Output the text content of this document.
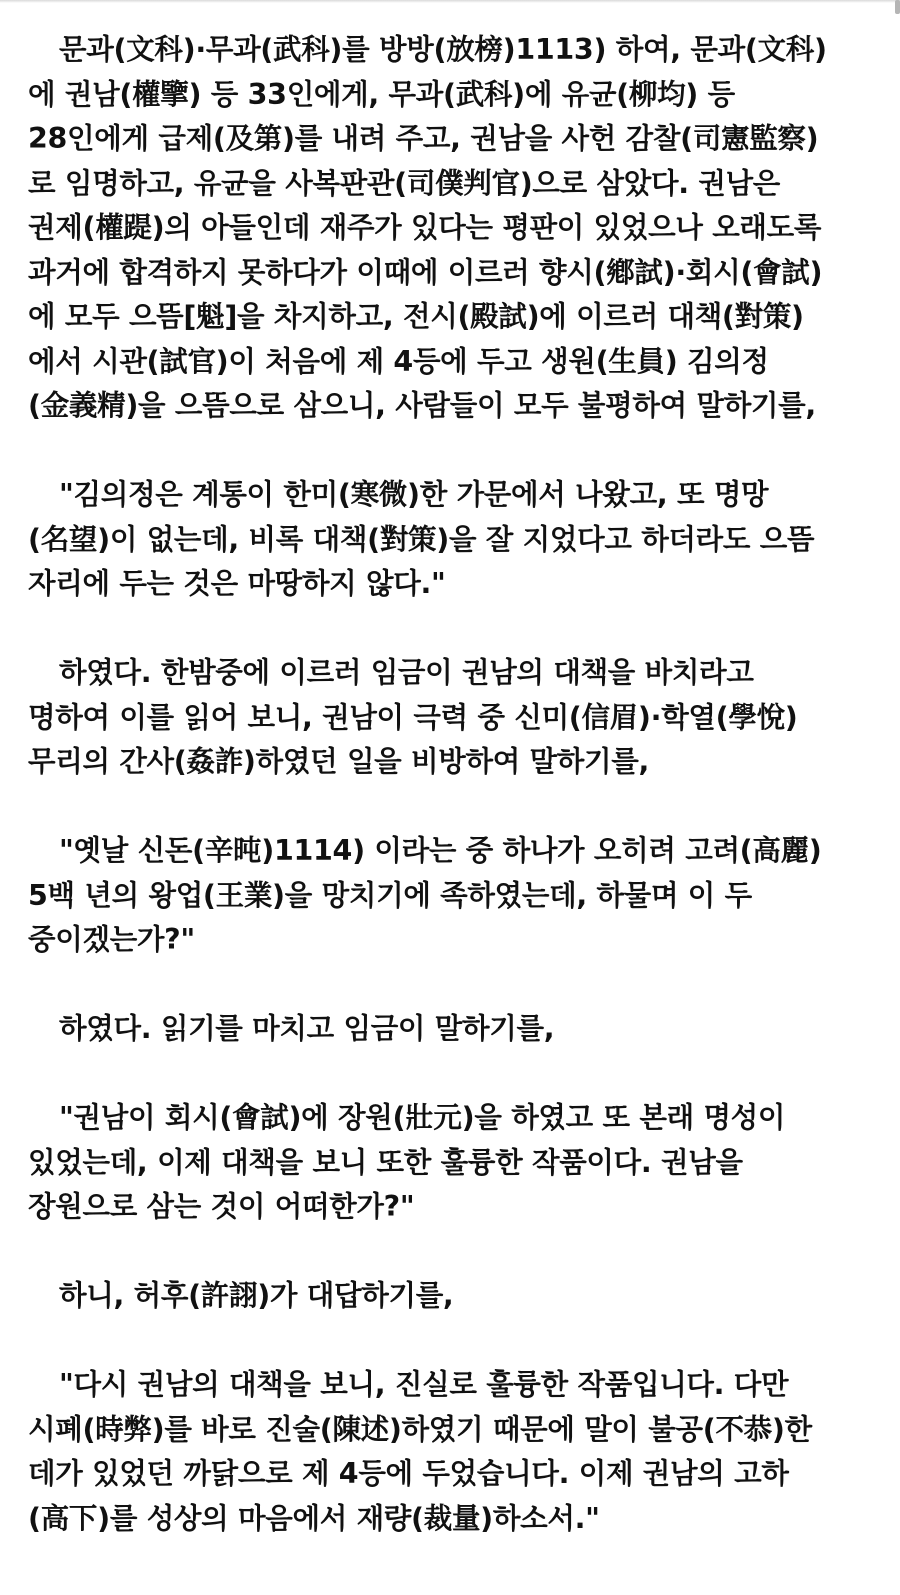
문과(文科)·무과(武科)를 방방(放榜)1113) 하여, 문과(文科)에 권남(權擥) 등 33인에게, 무과(武科)에 유균(柳均) 등 28인에게 급제(及第)를 내려 주고, 권남을 사헌 감찰(司憲監察)로 임명하고, 유균을 사복판관(司僕判官)으로 삼았다. 권남은 권제(權踶)의 아들인데 재주가 있다는 평판이 있었으나 오래도록 과거에 합격하지 못하다가 이때에 이르러 향시(鄕試)·회시(會試)에 모두 으뜸[魁]을 차지하고, 전시(殿試)에 이르러 대책(對策)에서 시관(試官)이 처음에 제 4등에 두고 생원(生員) 김의정(金義精)을 으뜸으로 삼으니, 사람들이 모두 불평하여 말하기를,

"김의정은 계통이 한미(寒微)한 가문에서 나왔고, 또 명망(名望)이 없는데, 비록 대책(對策)을 잘 지었다고 하더라도 으뜸 자리에 두는 것은 마땅하지 않다."

하였다. 한밤중에 이르러 임금이 권남의 대책을 바치라고 명하여 이를 읽어 보니, 권남이 극력 중 신미(信眉)·학열(學悅) 무리의 간사(姦詐)하였던 일을 비방하여 말하기를,

"옛날 신돈(辛旽)1114) 이라는 중 하나가 오히려 고려(高麗) 5백 년의 왕업(王業)을 망치기에 족하였는데, 하물며 이 두 중이겠는가?"

하였다. 읽기를 마치고 임금이 말하기를,

"권남이 회시(會試)에 장원(壯元)을 하였고 또 본래 명성이 있었는데, 이제 대책을 보니 또한 훌륭한 작품이다. 권남을 장원으로 삼는 것이 어떠한가?"

하니, 허후(許詡)가 대답하기를,

"다시 권남의 대책을 보니, 진실로 훌륭한 작품입니다. 다만 시폐(時弊)를 바로 진술(陳述)하였기 때문에 말이 불공(不恭)한 데가 있었던 까닭으로 제 4등에 두었습니다. 이제 권남의 고하(高下)를 성상의 마음에서 재량(裁量)하소서."
